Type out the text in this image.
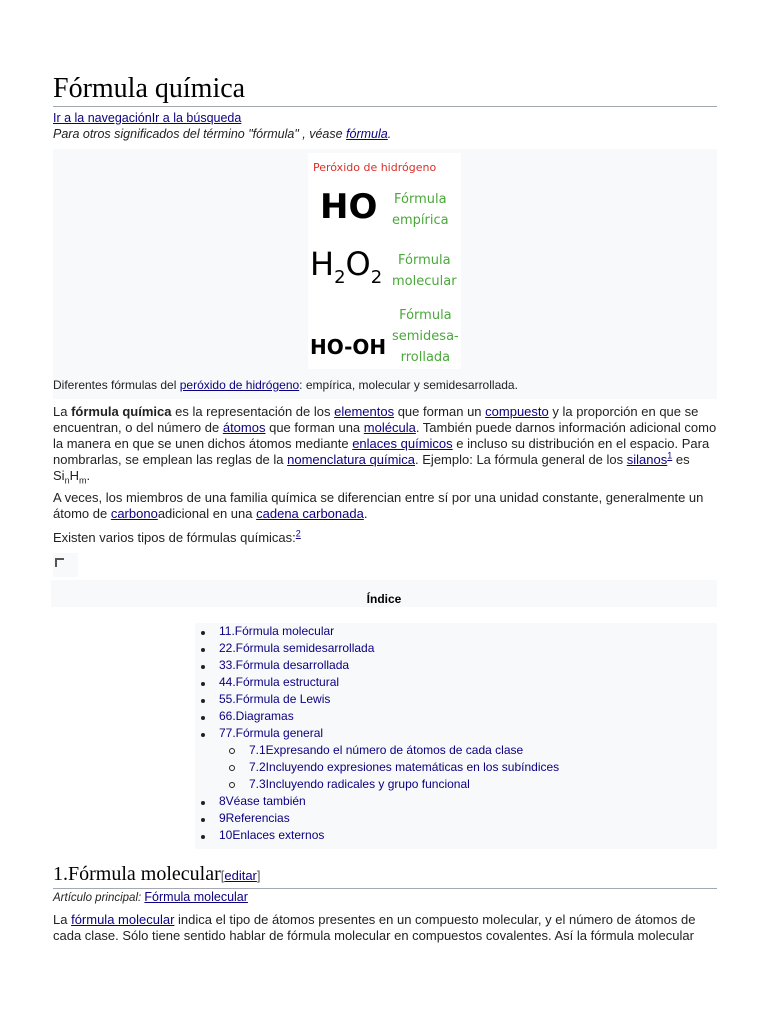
Fórmula química
Ir a la navegaciónIr a la búsqueda
Para otros significados del término "fórmula" , véase fórmula.
Peróxido de hidrógeno
HO Fórmula
empírica
$H_2O_2$
Fórmula
molecular
HO-OH
Fórmula
semidesa-
rrollada
Diferentes fórmulas del peróxido de hidrógeno: empírica, molecular y semidesarrollada.
La fórmula química es la representación de los elementos que forman un compuesto y la proporción en que se encuentran, o del número de átomos que forman una molécula. También puede darnos información adicional como la manera en que se unen dichos átomos mediante enlaces químicos e incluso su distribución en el espacio. Para nombrarlas, se emplean las reglas de la nomenclatura química. Ejemplo: La fórmula general de los silanos$^1$ es $Si_nH_m$.
A veces, los miembros de una familia química se diferencian entre sí por una unidad constante, generalmente un átomo de carbonoadicional en una cadena carbonada.
Existen varios tipos de fórmulas químicas:$^2$
Índice
11.Fórmula molecular
22.Fórmula semidesarrollada
33.Fórmula desarrollada
44.Fórmula estructural
55.Fórmula de Lewis
66.Diagramas
77.Fórmula general
7.1Expresando el número de átomos de cada clase
7.2Incluyendo expresiones matemáticas en los subíndices
7.3Incluyendo radicales y grupo funcional
8Véase también
9Referencias
10Enlaces externos
1.Fórmula molecular[editar]
Artículo principal: Fórmula molecular
La fórmula molecular indica el tipo de átomos presentes en un compuesto molecular, y el número de átomos de cada clase. Sólo tiene sentido hablar de fórmula molecular en compuestos covalentes. Así la fórmula molecular
